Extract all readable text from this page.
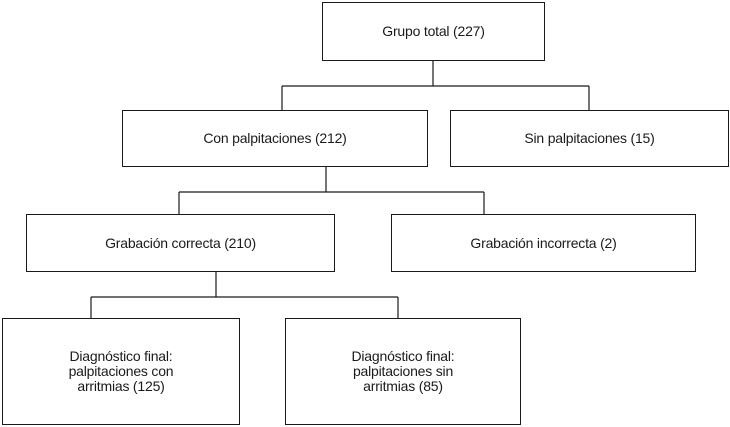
Grupo total (227)
Con palpitaciones (212)	Sin palpitaciones (15)
Grabación correcta (210)	Grabación incorrecta (2)
Diagnóstico final:
palpitaciones con
arritmias (125)
Diagnóstico final:
palpitaciones sin
arritmias (85)
